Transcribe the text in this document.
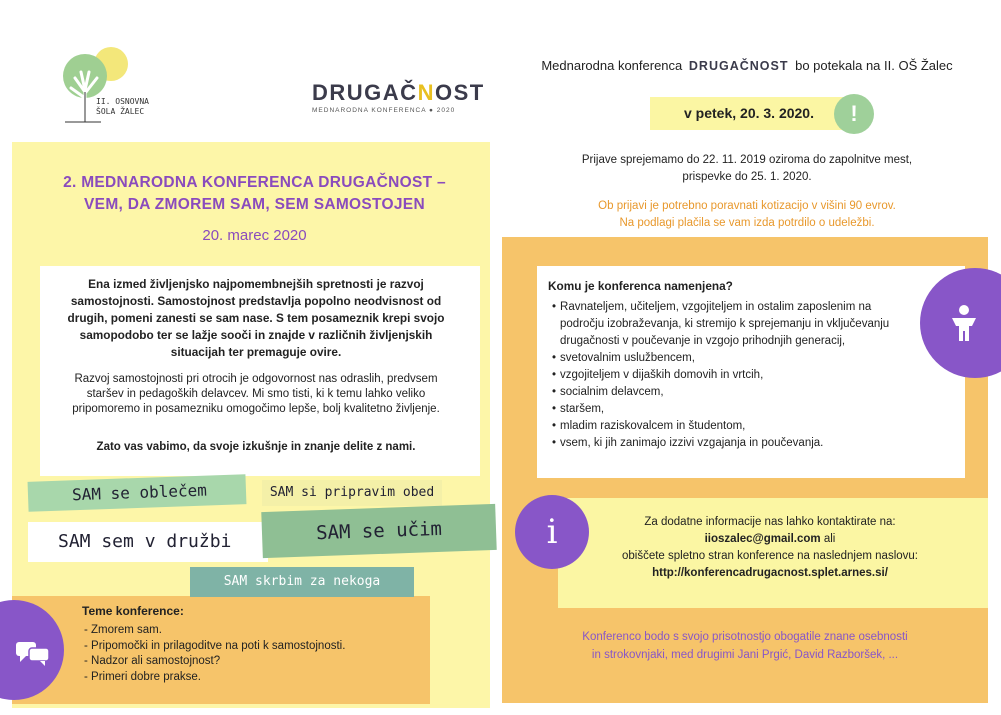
II. OSNOVNA
ŠOLA ŽALEC
DRUGAČNOST
MEDNARODNA KONFERENCA ● 2020
2. MEDNARODNA KONFERENCA DRUGAČNOST –
VEM, DA ZMOREM SAM, SEM SAMOSTOJEN
20. marec 2020
Ena izmed življenjsko najpomembnejših spretnosti je razvoj samostojnosti. Samostojnost predstavlja popolno neodvisnost od drugih, pomeni zanesti se sam nase. S tem posameznik krepi svojo samopodobo ter se lažje sooči in znajde v različnih življenjskih situacijah ter premaguje ovire.
Razvoj samostojnosti pri otrocih je odgovornost nas odraslih, predvsem staršev in pedagoških delavcev. Mi smo tisti, ki k temu lahko veliko pripomoremo in posamezniku omogočimo lepše, bolj kvalitetno življenje.
Zato vas vabimo, da svoje izkušnje in znanje delite z nami.
SAM se oblečem	SAM si pripravim obed
SAM sem v družbi	SAM se učim
SAM skrbim za nekoga
Teme konference:
- Zmorem sam.
- Pripomočki in prilagoditve na poti k samostojnosti.
- Nadzor ali samostojnost?
- Primeri dobre prakse.
Mednarodna konferenca DRUGAČNOST bo potekala na II. OŠ Žalec
v petek, 20. 3. 2020.	!
Prijave sprejemamo do 22. 11. 2019 oziroma do zapolnitve mest,
prispevke do 25. 1. 2020.
Ob prijavi je potrebno poravnati kotizacijo v višini 90 evrov.
Na podlagi plačila se vam izda potrdilo o udeležbi.
Komu je konferenca namenjena?
• Ravnateljem, učiteljem, vzgojiteljem in ostalim zaposlenim na področju izobraževanja, ki stremijo k sprejemanju in vključevanju drugačnosti v poučevanje in vzgojo prihodnjih generacij,
• svetovalnim uslužbencem,
• vzgojiteljem v dijaških domovih in vrtcih,
• socialnim delavcem,
• staršem,
• mladim raziskovalcem in študentom,
• vsem, ki jih zanimajo izzivi vzgajanja in poučevanja.
i	Za dodatne informacije nas lahko kontaktirate na:
iioszalec@gmail.com ali
obiščete spletno stran konference na naslednjem naslovu:
http://konferencadrugacnost.splet.arnes.si/
Konferenco bodo s svojo prisotnostjo obogatile znane osebnosti
in strokovnjaki, med drugimi Jani Prgić, David Razboršek, ...
